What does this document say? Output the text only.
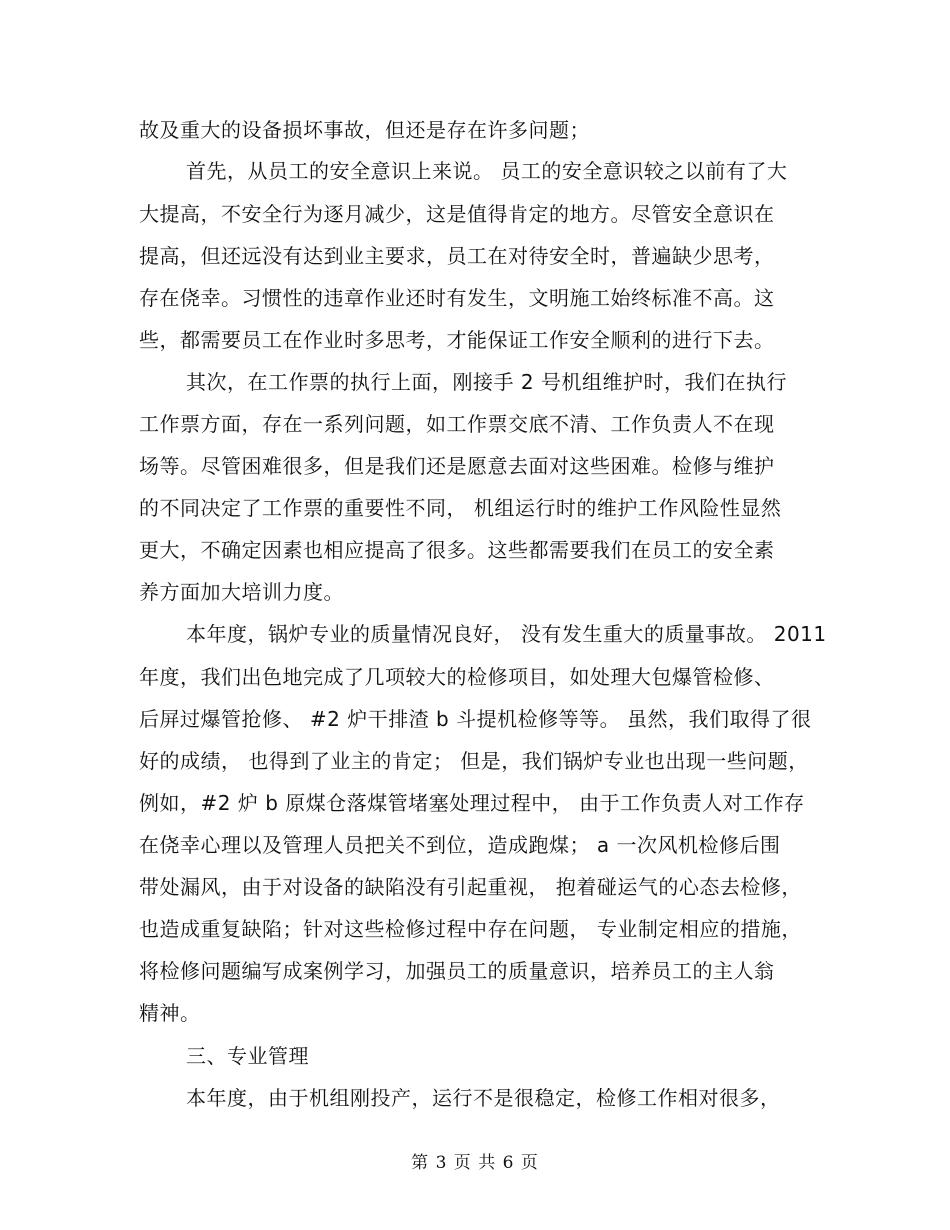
故及重大的设备损坏事故，但还是存在许多问题；
首先，从员工的安全意识上来说。 员工的安全意识较之以前有了大
大提高，不安全行为逐月减少，这是值得肯定的地方。尽管安全意识在
提高，但还远没有达到业主要求，员工在对待安全时，普遍缺少思考，
存在侥幸。习惯性的违章作业还时有发生，文明施工始终标准不高。这
些，都需要员工在作业时多思考，才能保证工作安全顺利的进行下去。
其次，在工作票的执行上面，刚接手 2 号机组维护时，我们在执行
工作票方面，存在一系列问题，如工作票交底不清、工作负责人不在现
场等。尽管困难很多，但是我们还是愿意去面对这些困难。检修与维护
的不同决定了工作票的重要性不同， 机组运行时的维护工作风险性显然
更大，不确定因素也相应提高了很多。这些都需要我们在员工的安全素
养方面加大培训力度。
本年度，锅炉专业的质量情况良好， 没有发生重大的质量事故。 2011
年度，我们出色地完成了几项较大的检修项目，如处理大包爆管检修、
后屏过爆管抢修、 #2 炉干排渣 b 斗提机检修等等。 虽然，我们取得了很
好的成绩， 也得到了业主的肯定； 但是，我们锅炉专业也出现一些问题，
例如，#2 炉 b 原煤仓落煤管堵塞处理过程中， 由于工作负责人对工作存
在侥幸心理以及管理人员把关不到位，造成跑煤； a 一次风机检修后围
带处漏风，由于对设备的缺陷没有引起重视， 抱着碰运气的心态去检修，
也造成重复缺陷；针对这些检修过程中存在问题， 专业制定相应的措施，
将检修问题编写成案例学习，加强员工的质量意识，培养员工的主人翁
精神。
三、专业管理
本年度，由于机组刚投产，运行不是很稳定，检修工作相对很多，
第 3 页 共 6 页
